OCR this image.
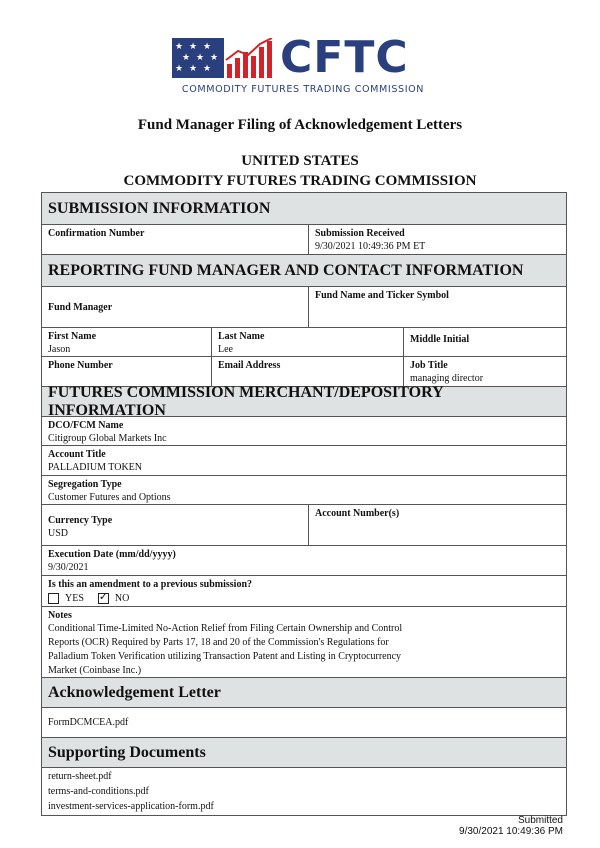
★ ★ ★
★ ★ ★
★ ★ ★ CFTC
COMMODITY FUTURES TRADING COMMISSION
Fund Manager Filing of Acknowledgement Letters
UNITED STATES
COMMODITY FUTURES TRADING COMMISSION
SUBMISSION INFORMATION
Confirmation Number	Submission Received
9/30/2021 10:49:36 PM ET
REPORTING FUND MANAGER AND CONTACT INFORMATION
Fund Manager
Fund Name and Ticker Symbol
First Name
Jason
Last Name
Lee
Middle Initial
Phone Number	Email Address	Job Title
managing director
FUTURES COMMISSION MERCHANT/DEPOSITORY INFORMATION
DCO/FCM Name
Citigroup Global Markets Inc
Account Title
PALLADIUM TOKEN
Segregation Type
Customer Futures and Options
Currency Type
USD
Account Number(s)
Execution Date (mm/dd/yyyy)
9/30/2021
Is this an amendment to a previous submission?
YES
✓	NO
Notes
Conditional Time-Limited No-Action Relief from Filing Certain Ownership and Control Reports (OCR) Required by Parts 17, 18 and 20 of the Commission's Regulations for Palladium Token Verification utilizing Transaction Patent and Listing in Cryptocurrency Market (Coinbase Inc.)
Acknowledgement Letter
FormDCMCEA.pdf
Supporting Documents
return-sheet.pdf
terms-and-conditions.pdf
investment-services-application-form.pdf
Submitted
9/30/2021 10:49:36 PM
